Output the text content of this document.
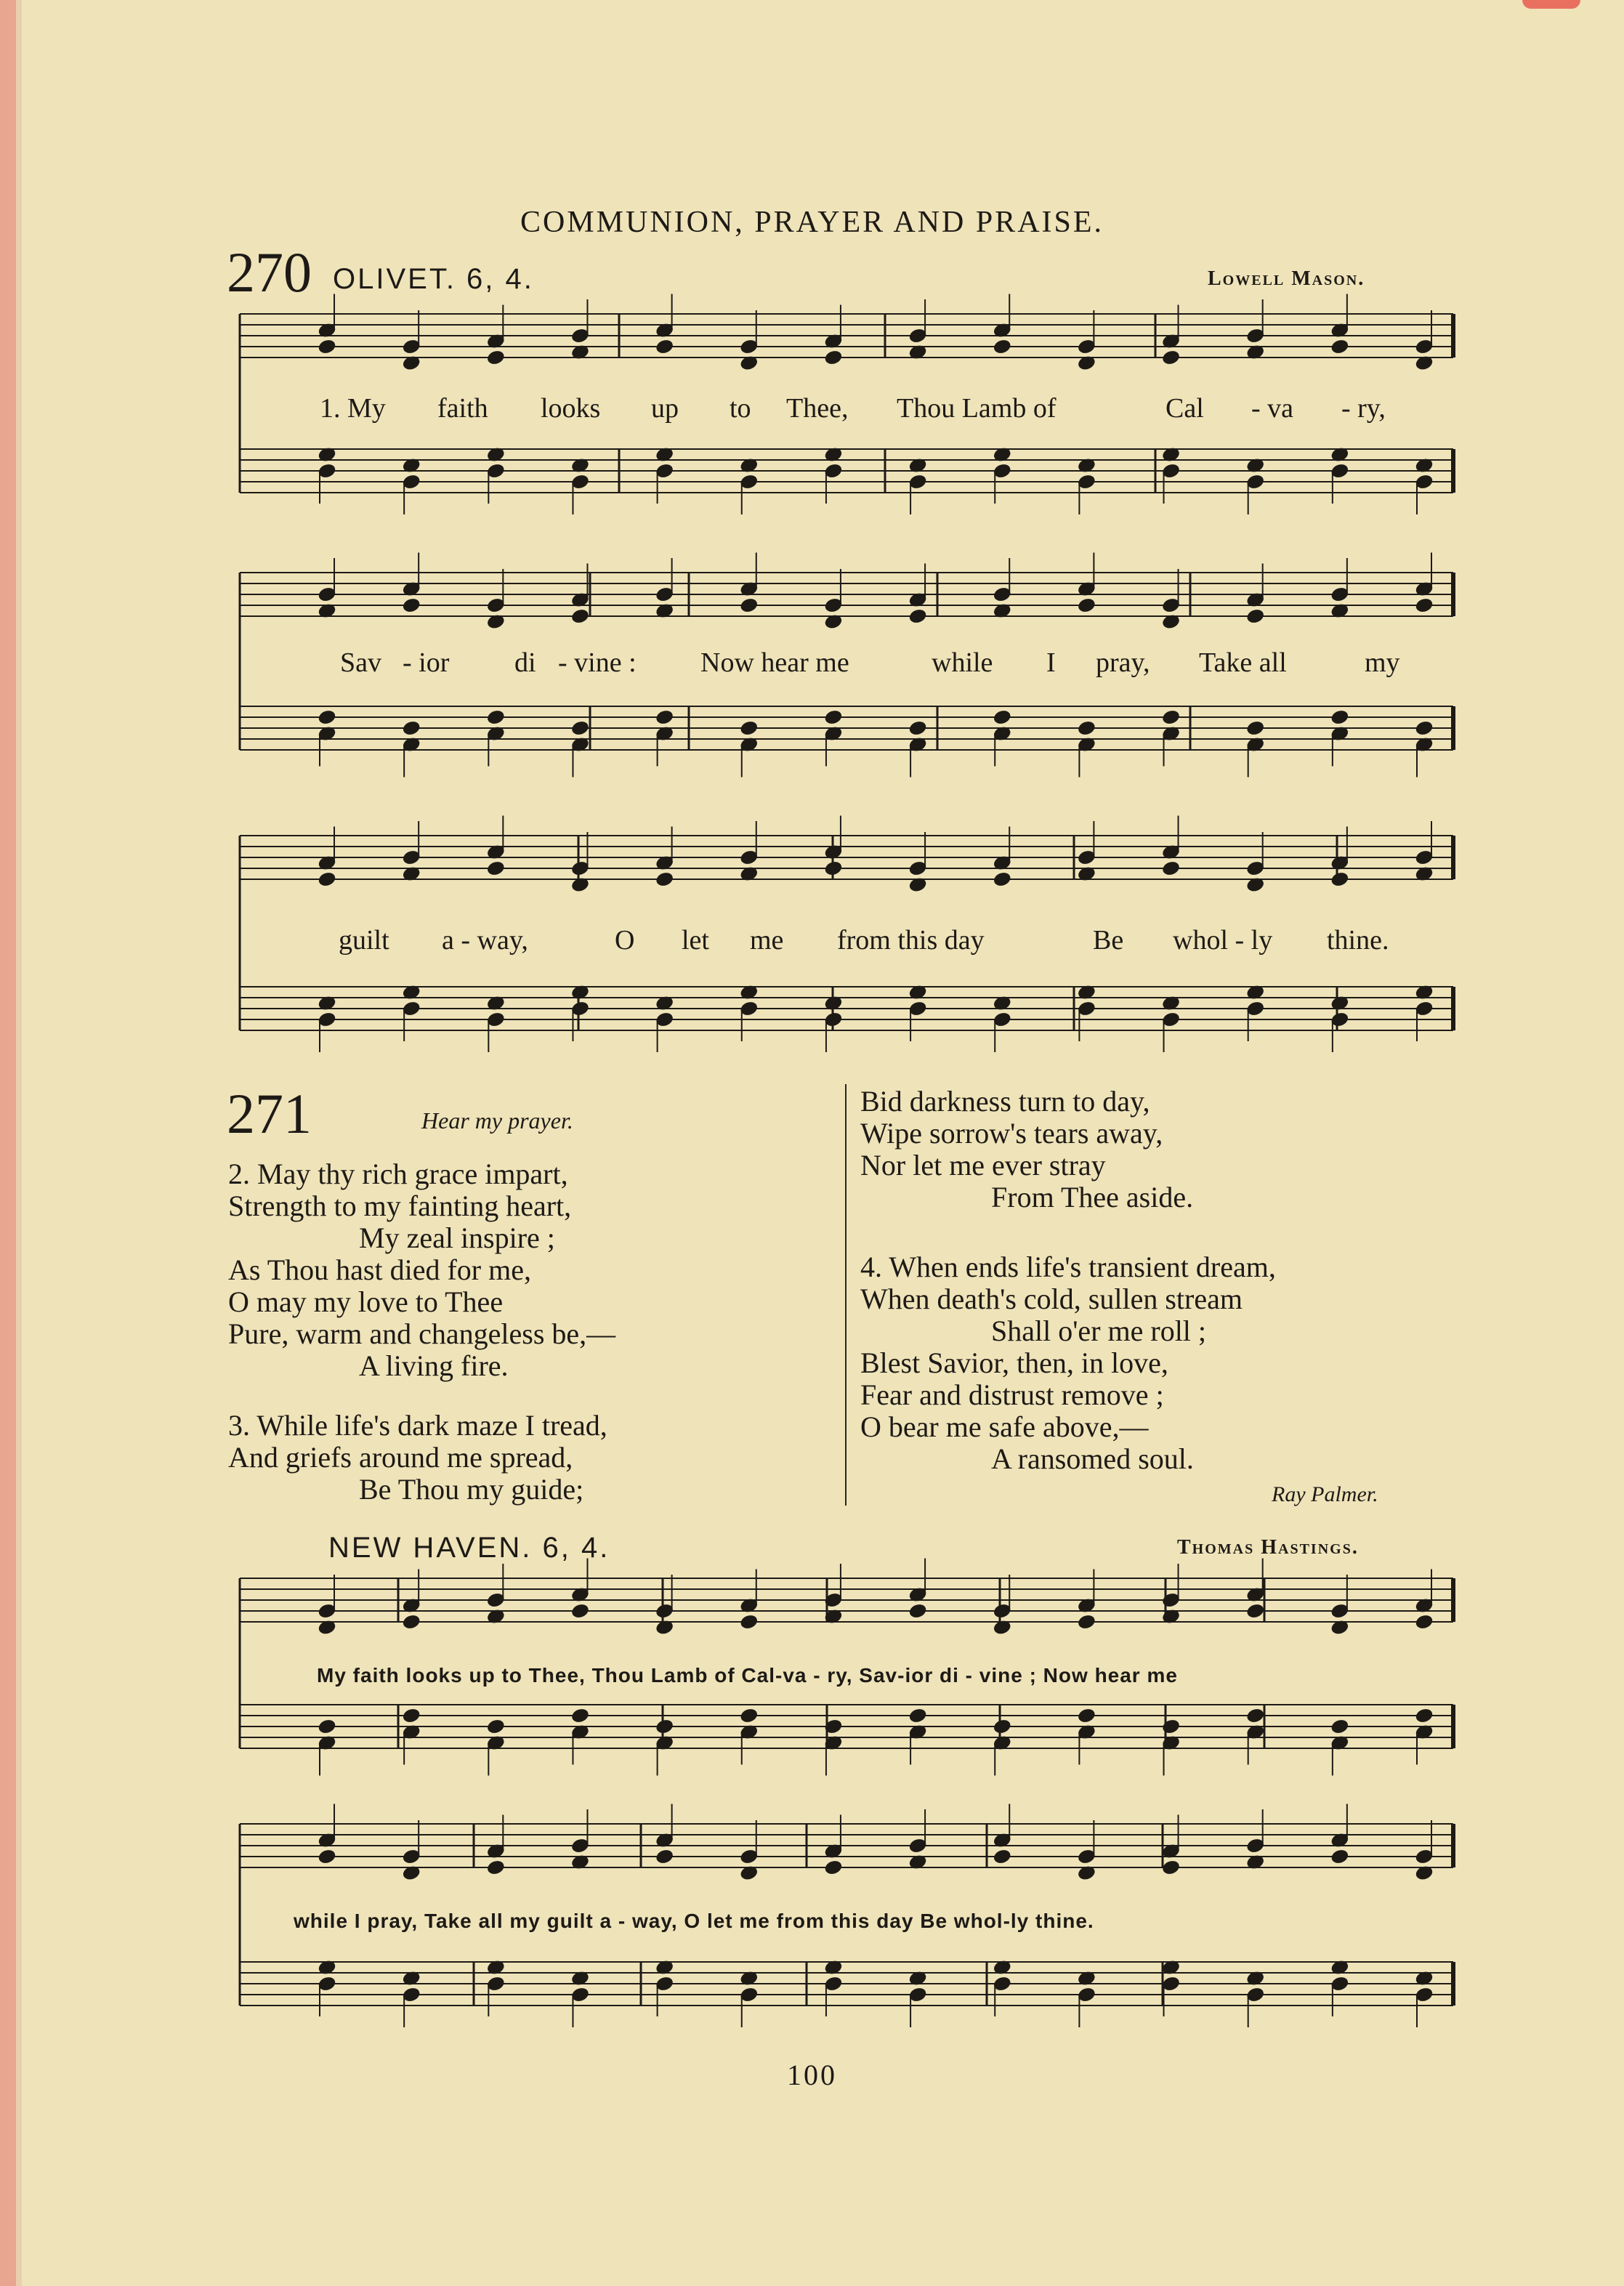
COMMUNION, PRAYER AND PRAISE.
270 OLIVET. 6, 4.	Lowell Mason.
1. My faith looks up to Thee, Thou Lamb of	Cal - va - ry,
Sav - ior di - vine : Now hear me	while I pray, Take all	my
guilt a - way,	O let me from this day	Be whol - ly thine.
271	Hear my prayer.
2. May thy rich grace impart,
Strength to my fainting heart,
My zeal inspire ;
As Thou hast died for me,
O may my love to Thee
Pure, warm and changeless be,—
A living fire.
3. While life's dark maze I tread,
And griefs around me spread,
Be Thou my guide;
Bid darkness turn to day,
Wipe sorrow's tears away,
Nor let me ever stray
From Thee aside.
4. When ends life's transient dream,
When death's cold, sullen stream
Shall o'er me roll ;
Blest Savior, then, in love,
Fear and distrust remove ;
O bear me safe above,—
A ransomed soul.
Ray Palmer.
NEW HAVEN. 6, 4.	Thomas Hastings.
My faith looks up to Thee, Thou Lamb of Cal-va - ry, Sav-ior di - vine ; Now hear me
while I pray, Take all my guilt a - way, O let me from this day Be whol-ly thine.
100
